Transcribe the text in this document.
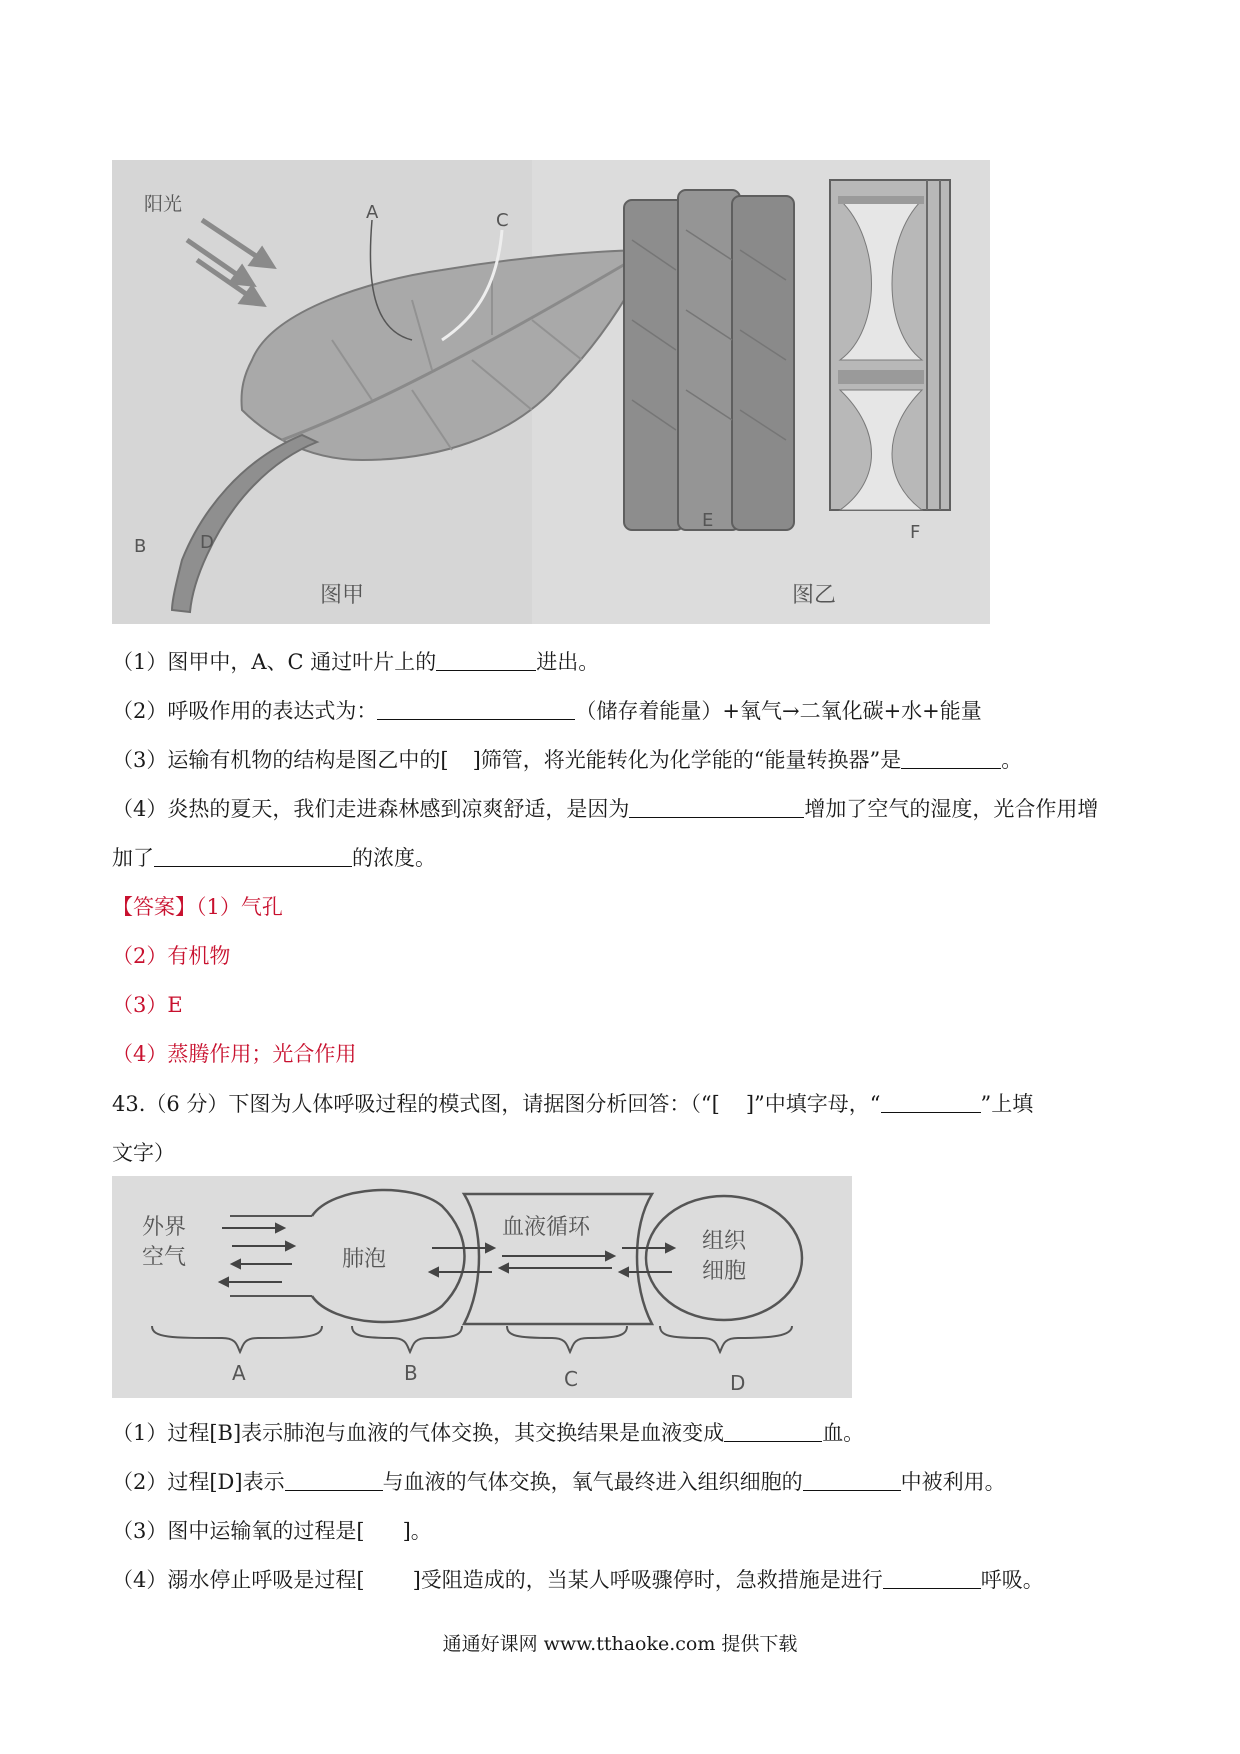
阳光	A	C
B	D
图甲
E
F
图乙
（1）图甲中，A、C 通过叶片上的	进出。
（2）呼吸作用的表达式为：	（储存着能量）+氧气→二氧化碳+水+能量
（3）运输有机物的结构是图乙中的[ ]筛管，将光能转化为化学能的“能量转换器”是	。
（4）炎热的夏天，我们走进森林感到凉爽舒适，是因为	增加了空气的湿度，光合作用增
加了	的浓度。
【答案】（1）气孔
（2）有机物
（3）E
（4）蒸腾作用；光合作用
43.（6 分）下图为人体呼吸过程的模式图，请据图分析回答：（“[ ]”中填字母，“	”上填
文字）
外界
空气	肺泡
血液循环
组织
细胞
A	B	C	D
（1）过程[B]表示肺泡与血液的气体交换，其交换结果是血液变成	血。
（2）过程[D]表示	与血液的气体交换，氧气最终进入组织细胞的	中被利用。
（3）图中运输氧的过程是[ ]。
（4）溺水停止呼吸是过程[ ]受阻造成的，当某人呼吸骤停时，急救措施是进行	呼吸。
通通好课网 www.tthaoke.com 提供下载
